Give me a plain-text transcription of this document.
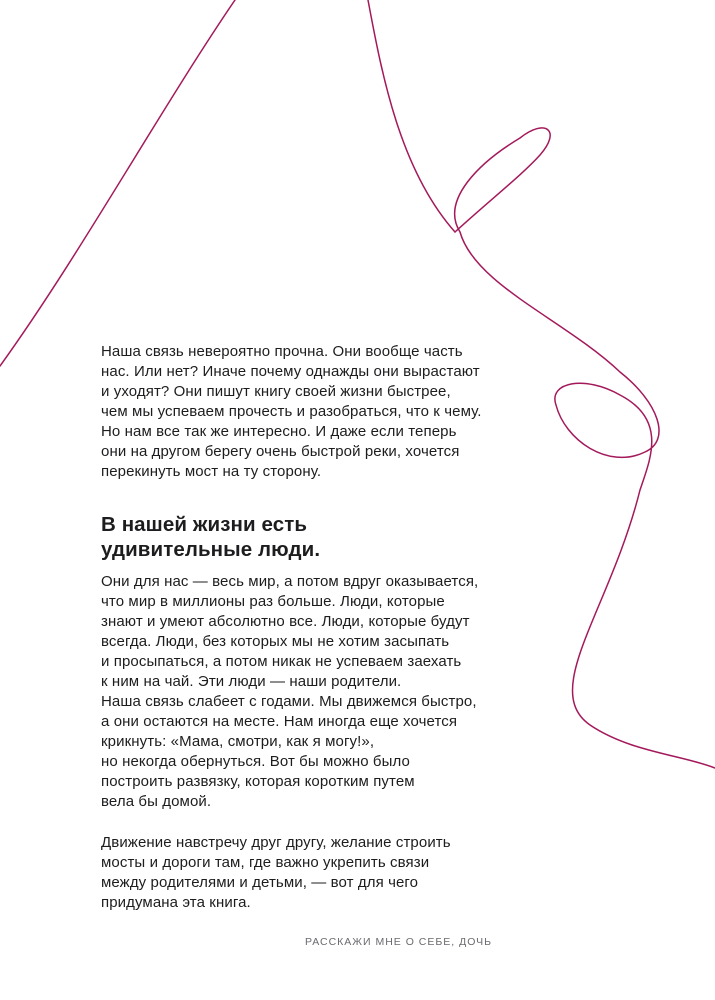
Наша связь невероятно прочна. Они вообще часть
нас. Или нет? Иначе почему однажды они вырастают
и уходят? Они пишут книгу своей жизни быстрее,
чем мы успеваем прочесть и разобраться, что к чему.
Но нам все так же интересно. И даже если теперь
они на другом берегу очень быстрой реки, хочется
перекинуть мост на ту сторону.
В нашей жизни есть
удивительные люди.
Они для нас — весь мир, а потом вдруг оказывается,
что мир в миллионы раз больше. Люди, которые
знают и умеют абсолютно все. Люди, которые будут
всегда. Люди, без которых мы не хотим засыпать
и просыпаться, а потом никак не успеваем заехать
к ним на чай. Эти люди — наши родители.
Наша связь слабеет с годами. Мы движемся быстро,
а они остаются на месте. Нам иногда еще хочется
крикнуть: «Мама, смотри, как я могу!»,
но некогда обернуться. Вот бы можно было
построить развязку, которая коротким путем
вела бы домой.
Движение навстречу друг другу, желание строить
мосты и дороги там, где важно укрепить связи
между родителями и детьми, — вот для чего
придумана эта книга.
РАССКАЖИ МНЕ О СЕБЕ, ДОЧЬ
